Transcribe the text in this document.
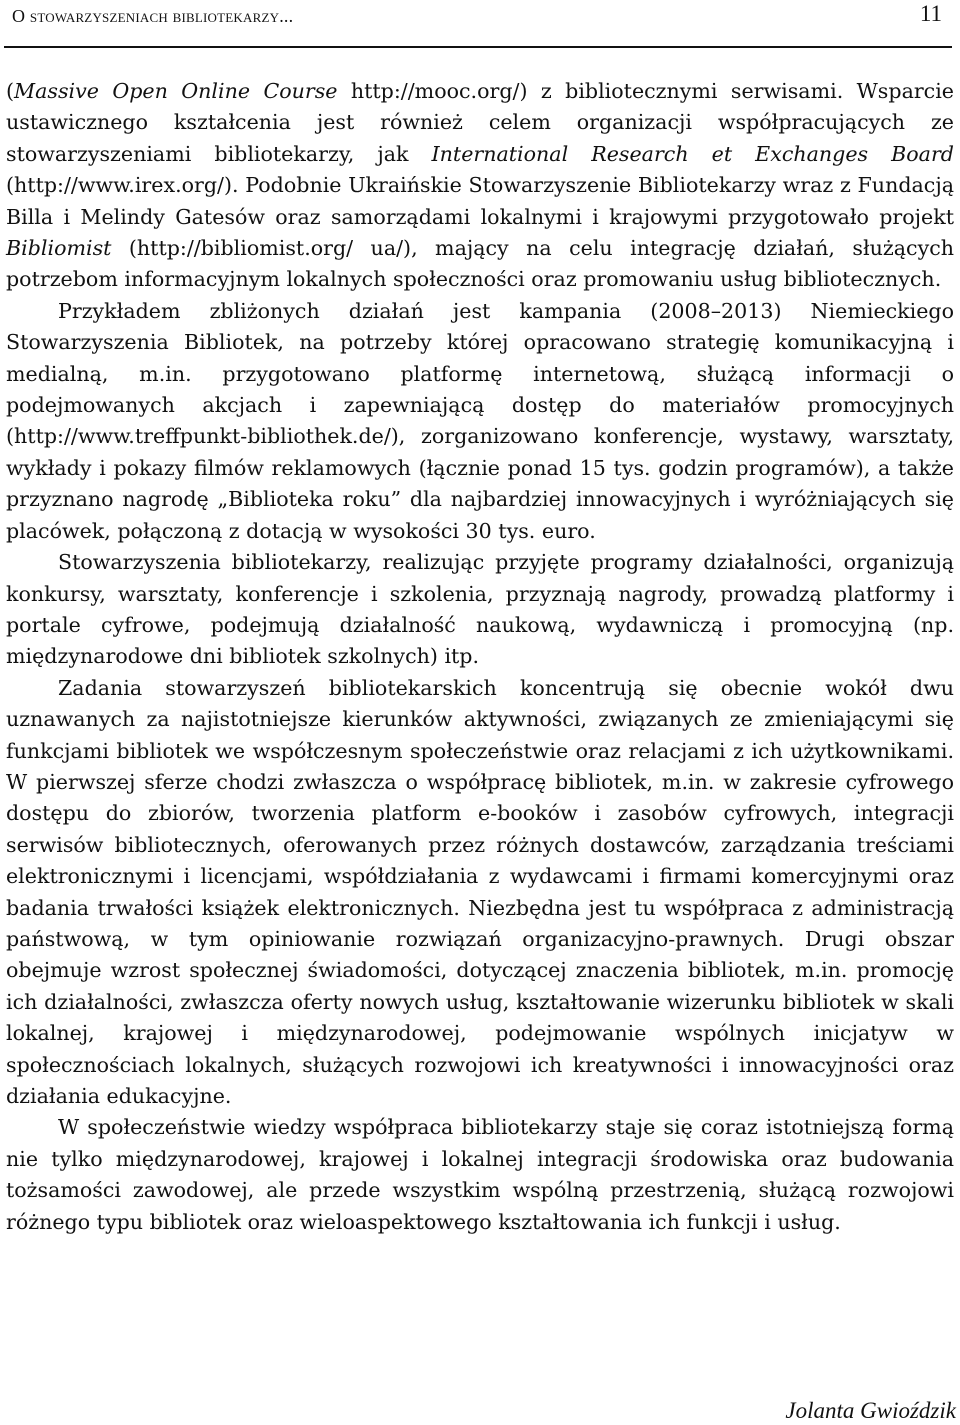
O stowarzyszeniach bibliotekarzy...	11

(Massive Open Online Course http://mooc.org/) z bibliotecznymi serwisami. Wsparcie ustawicznego kształcenia jest również celem organizacji współpracujących ze stowarzyszeniami bibliotekarzy, jak International Research et Exchanges Board (http://www.irex.org/). Podobnie Ukraińskie Stowarzyszenie Bibliotekarzy wraz z Fundacją Billa i Melindy Gatesów oraz samorządami lokalnymi i krajowymi przygotowało projekt Bibliomist (http://bibliomist.org/ ua/), mający na celu integrację działań, służących potrzebom informacyjnym lokalnych społeczności oraz promowaniu usług bibliotecznych.

Przykładem zbliżonych działań jest kampania (2008–2013) Niemieckiego Stowarzyszenia Bibliotek, na potrzeby której opracowano strategię komunikacyjną i medialną, m.in. przygotowano platformę internetową, służącą informacji o podejmowanych akcjach i zapewniającą dostęp do materiałów promocyjnych (http://www.treffpunkt-bibliothek.de/), zorganizowano konferencje, wystawy, warsztaty, wykłady i pokazy filmów reklamowych (łącznie ponad 15 tys. godzin programów), a także przyznano nagrodę „Biblioteka roku” dla najbardziej innowacyjnych i wyróżniających się placówek, połączoną z dotacją w wysokości 30 tys. euro.

Stowarzyszenia bibliotekarzy, realizując przyjęte programy działalności, organizują konkursy, warsztaty, konferencje i szkolenia, przyznają nagrody, prowadzą platformy i portale cyfrowe, podejmują działalność naukową, wydawniczą i promocyjną (np. międzynarodowe dni bibliotek szkolnych) itp.

Zadania stowarzyszeń bibliotekarskich koncentrują się obecnie wokół dwu uznawanych za najistotniejsze kierunków aktywności, związanych ze zmieniającymi się funkcjami bibliotek we współczesnym społeczeństwie oraz relacjami z ich użytkownikami. W pierwszej sferze chodzi zwłaszcza o współpracę bibliotek, m.in. w zakresie cyfrowego dostępu do zbiorów, tworzenia platform e-booków i zasobów cyfrowych, integracji serwisów bibliotecznych, oferowanych przez różnych dostawców, zarządzania treściami elektronicznymi i licencjami, współdziałania z wydawcami i firmami komercyjnymi oraz badania trwałości książek elektronicznych. Niezbędna jest tu współpraca z administracją państwową, w tym opiniowanie rozwiązań organizacyjno-prawnych. Drugi obszar obejmuje wzrost społecznej świadomości, dotyczącej znaczenia bibliotek, m.in. promocję ich działalności, zwłaszcza oferty nowych usług, kształtowanie wizerunku bibliotek w skali lokalnej, krajowej i międzynarodowej, podejmowanie wspólnych inicjatyw w społecznościach lokalnych, służących rozwojowi ich kreatywności i innowacyjności oraz działania edukacyjne.

W społeczeństwie wiedzy współpraca bibliotekarzy staje się coraz istotniejszą formą nie tylko międzynarodowej, krajowej i lokalnej integracji środowiska oraz budowania tożsamości zawodowej, ale przede wszystkim wspólną przestrzenią, służącą rozwojowi różnego typu bibliotek oraz wieloaspektowego kształtowania ich funkcji i usług.

Jolanta Gwioździk
